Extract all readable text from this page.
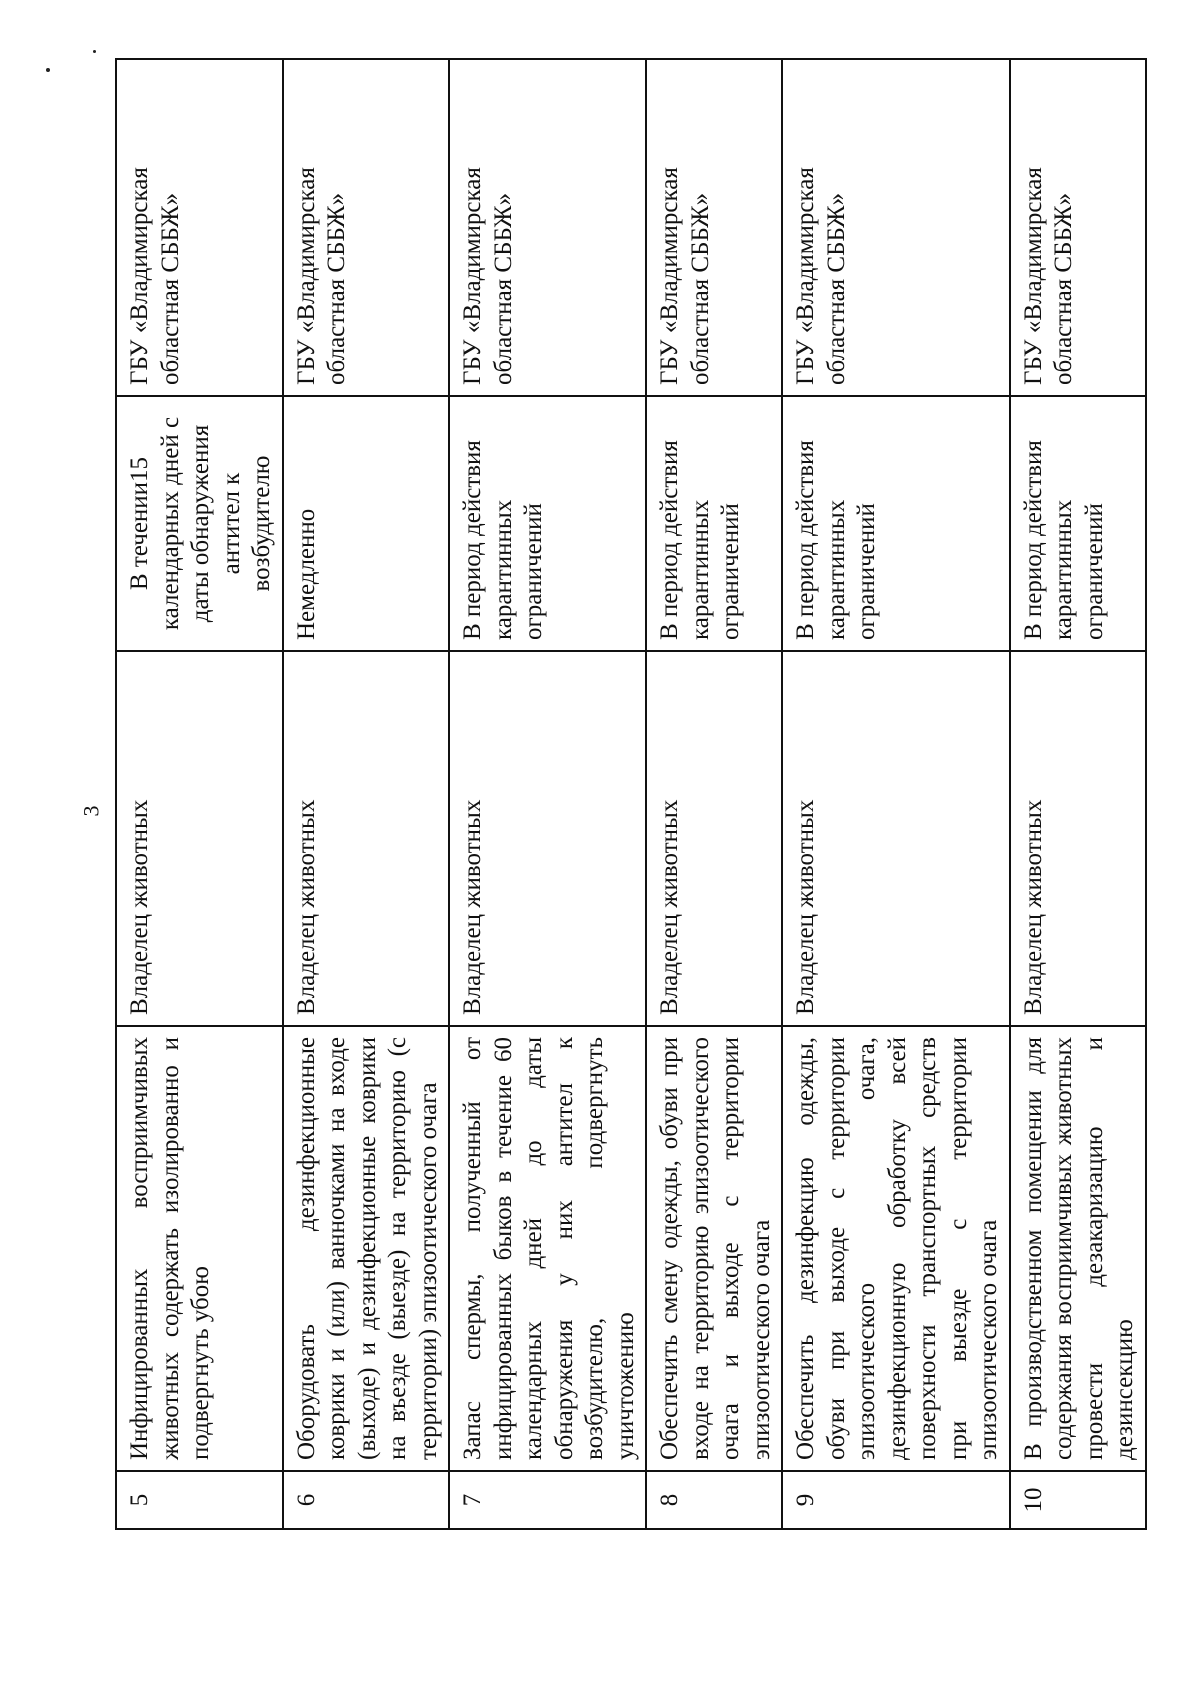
3
5	Инфицированных восприимчивых животных содержать изолированно и подвергнуть убою	Владелец животных	В течении15 календарных дней с даты обнаружения антител к возбудителю	ГБУ «Владимирская областная СББЖ»
6	Оборудовать дезинфекционные коврики и (или) ванночками на входе (выходе) и дезинфекционные коврики на въезде (выезде) на территорию (с территории) эпизоотического очага	Владелец животных	Немедленно	ГБУ «Владимирская областная СББЖ»
7	Запас спермы, полученный от инфицированных быков в течение 60 календарных дней до даты обнаружения у них антител к возбудителю, подвергнуть уничтожению	Владелец животных	В период действия карантинных ограничений	ГБУ «Владимирская областная СББЖ»
8	Обеспечить смену одежды, обуви при входе на территорию эпизоотического очага и выходе с территории эпизоотического очага	Владелец животных	В период действия карантинных ограничений	ГБУ «Владимирская областная СББЖ»
9	Обеспечить дезинфекцию одежды, обуви при выходе с территории эпизоотического очага, дезинфекционную обработку всей поверхности транспортных средств при выезде с территории эпизоотического очага	Владелец животных	В период действия карантинных ограничений	ГБУ «Владимирская областная СББЖ»
10	В производственном помещении для содержания восприимчивых животных провести дезакаризацию и дезинсекцию	Владелец животных	В период действия карантинных ограничений	ГБУ «Владимирская областная СББЖ»
